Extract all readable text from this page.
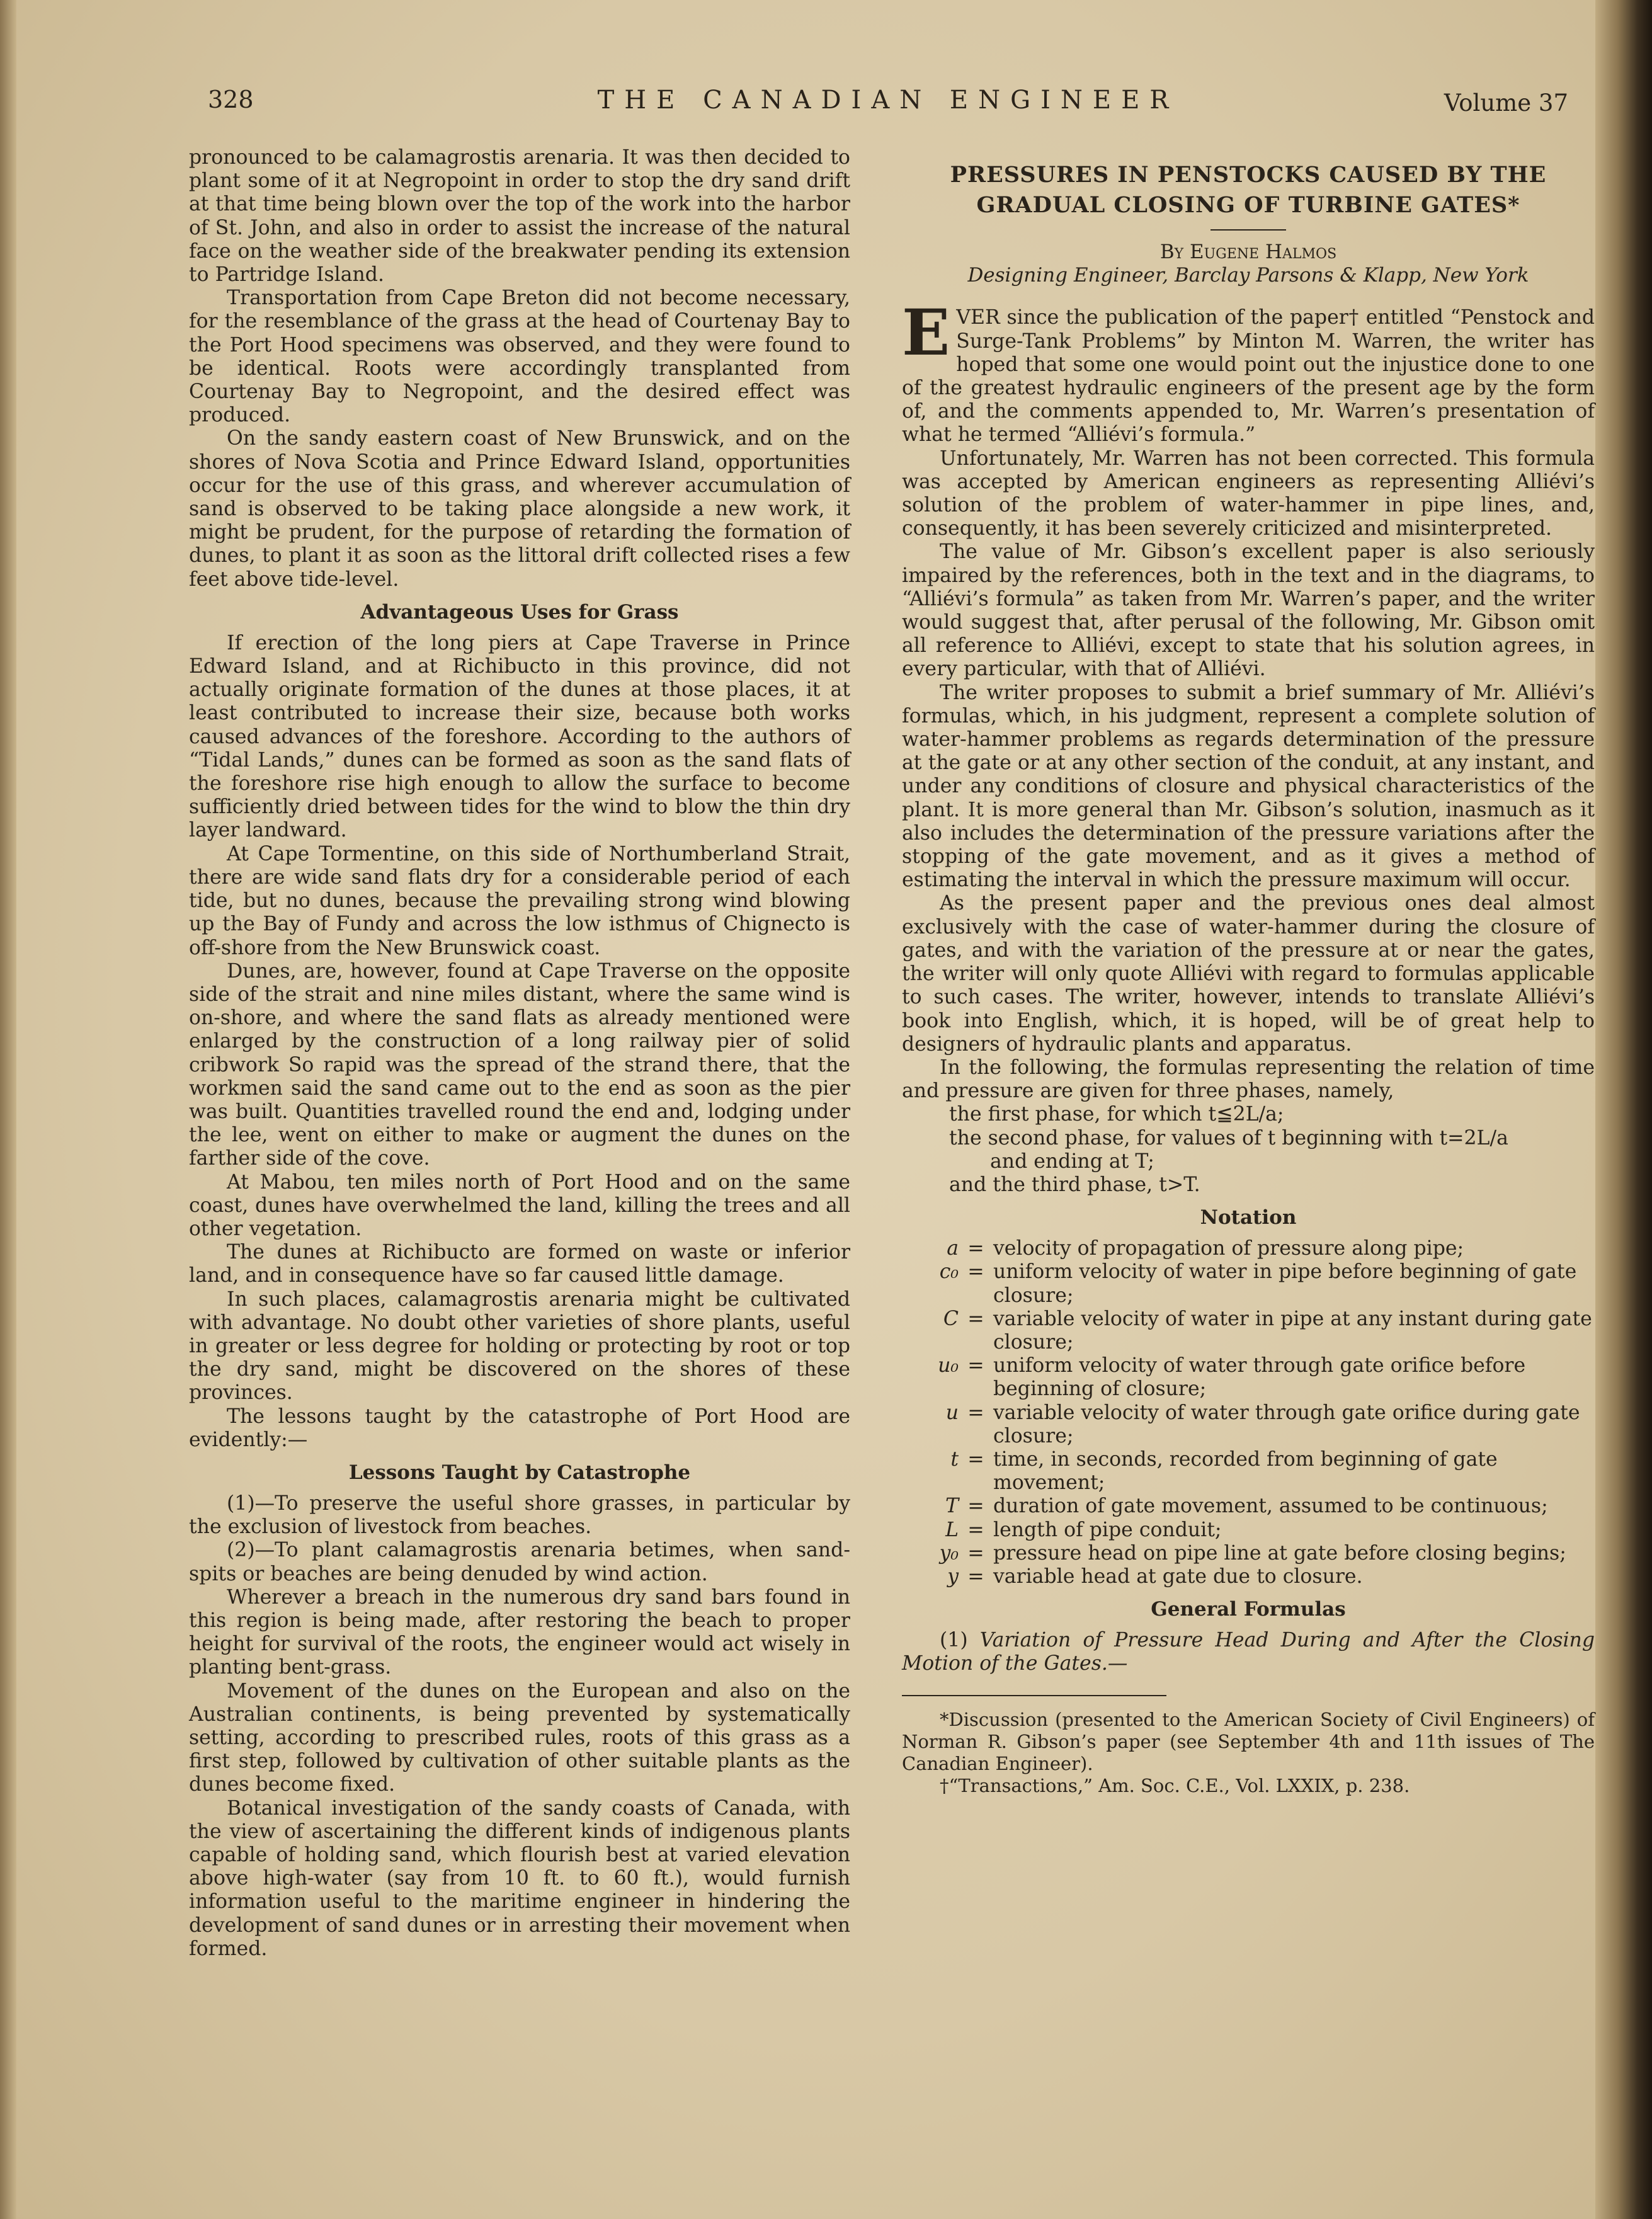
328	THE CANADIAN ENGINEER	Volume 37

pronounced to be calamagrostis arenaria. It was then decided to plant some of it at Negropoint in order to stop the dry sand drift at that time being blown over the top of the work into the harbor of St. John, and also in order to assist the increase of the natural face on the weather side of the breakwater pending its extension to Partridge Island.

Transportation from Cape Breton did not become necessary, for the resemblance of the grass at the head of Courtenay Bay to the Port Hood specimens was observed, and they were found to be identical. Roots were accordingly transplanted from Courtenay Bay to Negropoint, and the desired effect was produced.

On the sandy eastern coast of New Brunswick, and on the shores of Nova Scotia and Prince Edward Island, opportunities occur for the use of this grass, and wherever accumulation of sand is observed to be taking place alongside a new work, it might be prudent, for the purpose of retarding the formation of dunes, to plant it as soon as the littoral drift collected rises a few feet above tide-level.

Advantageous Uses for Grass

If erection of the long piers at Cape Traverse in Prince Edward Island, and at Richibucto in this province, did not actually originate formation of the dunes at those places, it at least contributed to increase their size, because both works caused advances of the foreshore. According to the authors of “Tidal Lands,” dunes can be formed as soon as the sand flats of the foreshore rise high enough to allow the surface to become sufficiently dried between tides for the wind to blow the thin dry layer landward.

At Cape Tormentine, on this side of Northumberland Strait, there are wide sand flats dry for a considerable period of each tide, but no dunes, because the prevailing strong wind blowing up the Bay of Fundy and across the low isthmus of Chignecto is off-shore from the New Brunswick coast.

Dunes, are, however, found at Cape Traverse on the opposite side of the strait and nine miles distant, where the same wind is on-shore, and where the sand flats as already mentioned were enlarged by the construction of a long railway pier of solid cribwork So rapid was the spread of the strand there, that the workmen said the sand came out to the end as soon as the pier was built. Quantities travelled round the end and, lodging under the lee, went on either to make or augment the dunes on the farther side of the cove.

At Mabou, ten miles north of Port Hood and on the same coast, dunes have overwhelmed the land, killing the trees and all other vegetation.

The dunes at Richibucto are formed on waste or inferior land, and in consequence have so far caused little damage.

In such places, calamagrostis arenaria might be cultivated with advantage. No doubt other varieties of shore plants, useful in greater or less degree for holding or protecting by root or top the dry sand, might be discovered on the shores of these provinces.

The lessons taught by the catastrophe of Port Hood are evidently:—

Lessons Taught by Catastrophe

(1)—To preserve the useful shore grasses, in particular by the exclusion of livestock from beaches.

(2)—To plant calamagrostis arenaria betimes, when sand-spits or beaches are being denuded by wind action.

Wherever a breach in the numerous dry sand bars found in this region is being made, after restoring the beach to proper height for survival of the roots, the engineer would act wisely in planting bent-grass.

Movement of the dunes on the European and also on the Australian continents, is being prevented by systematically setting, according to prescribed rules, roots of this grass as a first step, followed by cultivation of other suitable plants as the dunes become fixed.

Botanical investigation of the sandy coasts of Canada, with the view of ascertaining the different kinds of indigenous plants capable of holding sand, which flourish best at varied elevation above high-water (say from 10 ft. to 60 ft.), would furnish information useful to the maritime engineer in hindering the development of sand dunes or in arresting their movement when formed.

PRESSURES IN PENSTOCKS CAUSED BY THE GRADUAL CLOSING OF TURBINE GATES*
By Eugene Halmos
Designing Engineer, Barclay Parsons & Klapp, New York

EVER since the publication of the paper† entitled “Penstock and Surge-Tank Problems” by Minton M. Warren, the writer has hoped that some one would point out the injustice done to one of the greatest hydraulic engineers of the present age by the form of, and the comments appended to, Mr. Warren’s presentation of what he termed “Alliévi’s formula.”

Unfortunately, Mr. Warren has not been corrected. This formula was accepted by American engineers as representing Alliévi’s solution of the problem of water-hammer in pipe lines, and, consequently, it has been severely criticized and misinterpreted.

The value of Mr. Gibson’s excellent paper is also seriously impaired by the references, both in the text and in the diagrams, to “Alliévi’s formula” as taken from Mr. Warren’s paper, and the writer would suggest that, after perusal of the following, Mr. Gibson omit all reference to Alliévi, except to state that his solution agrees, in every particular, with that of Alliévi.

The writer proposes to submit a brief summary of Mr. Alliévi’s formulas, which, in his judgment, represent a complete solution of water-hammer problems as regards determination of the pressure at the gate or at any other section of the conduit, at any instant, and under any conditions of closure and physical characteristics of the plant. It is more general than Mr. Gibson’s solution, inasmuch as it also includes the determination of the pressure variations after the stopping of the gate movement, and as it gives a method of estimating the interval in which the pressure maximum will occur.

As the present paper and the previous ones deal almost exclusively with the case of water-hammer during the closure of gates, and with the variation of the pressure at or near the gates, the writer will only quote Alliévi with regard to formulas applicable to such cases. The writer, however, intends to translate Alliévi’s book into English, which, it is hoped, will be of great help to designers of hydraulic plants and apparatus.

In the following, the formulas representing the relation of time and pressure are given for three phases, namely,

the first phase, for which t≦2L/a;

the second phase, for values of t beginning with t=2L/a

and ending at T;

and the third phase, t>T.

Notation
a = velocity of propagation of pressure along pipe;
c₀ = uniform velocity of water in pipe before beginning of gate closure;
C = variable velocity of water in pipe at any instant during gate closure;
u₀ = uniform velocity of water through gate orifice before beginning of closure;
u = variable velocity of water through gate orifice during gate closure;
t = time, in seconds, recorded from beginning of gate movement;
T = duration of gate movement, assumed to be continuous;
L = length of pipe conduit;
y₀ = pressure head on pipe line at gate before closing begins;
y = variable head at gate due to closure.
General Formulas

(1) Variation of Pressure Head During and After the Closing Motion of the Gates.—

*Discussion (presented to the American Society of Civil Engineers) of Norman R. Gibson’s paper (see September 4th and 11th issues of The Canadian Engineer).

†“Transactions,” Am. Soc. C.E., Vol. LXXIX, p. 238.
